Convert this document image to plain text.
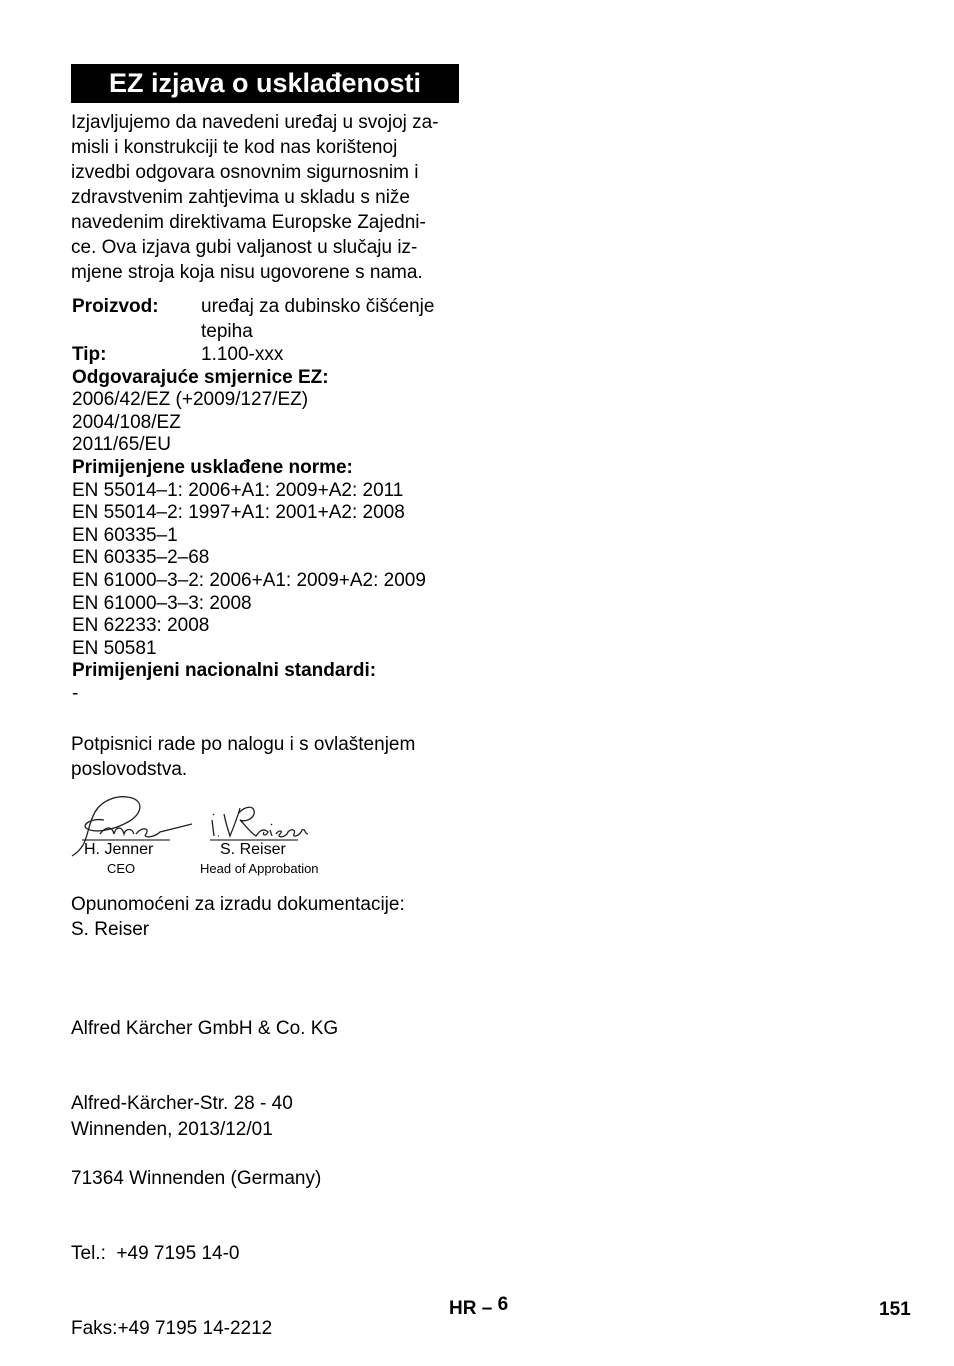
EZ izjava o usklađenosti
Izjavljujemo da navedeni uređaj u svojoj za-
misli i konstrukciji te kod nas korištenoj
izvedbi odgovara osnovnim sigurnosnim i
zdravstvenim zahtjevima u skladu s niže
navedenim direktivama Europske Zajedni-
ce. Ova izjava gubi valjanost u slučaju iz-
mjene stroja koja nisu ugovorene s nama.
Proizvod:	uređaj za dubinsko čišćenje
tepiha
Tip:	1.100-xxx
Odgovarajuće smjernice EZ:
2006/42/EZ (+2009/127/EZ)
2004/108/EZ
2011/65/EU
Primijenjene usklađene norme:
EN 55014–1: 2006+A1: 2009+A2: 2011
EN 55014–2: 1997+A1: 2001+A2: 2008
EN 60335–1
EN 60335–2–68
EN 61000–3–2: 2006+A1: 2009+A2: 2009
EN 61000–3–3: 2008
EN 62233: 2008
EN 50581
Primijenjeni nacionalni standardi:
-
Potpisnici rade po nalogu i s ovlaštenjem
poslovodstva.
H. Jenner
CEO
S. Reiser
Head of Approbation
Opunomoćeni za izradu dokumentacije:
S. Reiser

Alfred Kärcher GmbH & Co. KG

Alfred-Kärcher-Str. 28 - 40

71364 Winnenden (Germany)

Tel.:  +49 7195 14-0

Faks:+49 7195 14-2212

Winnenden, 2013/12/01
HR – 6	151
